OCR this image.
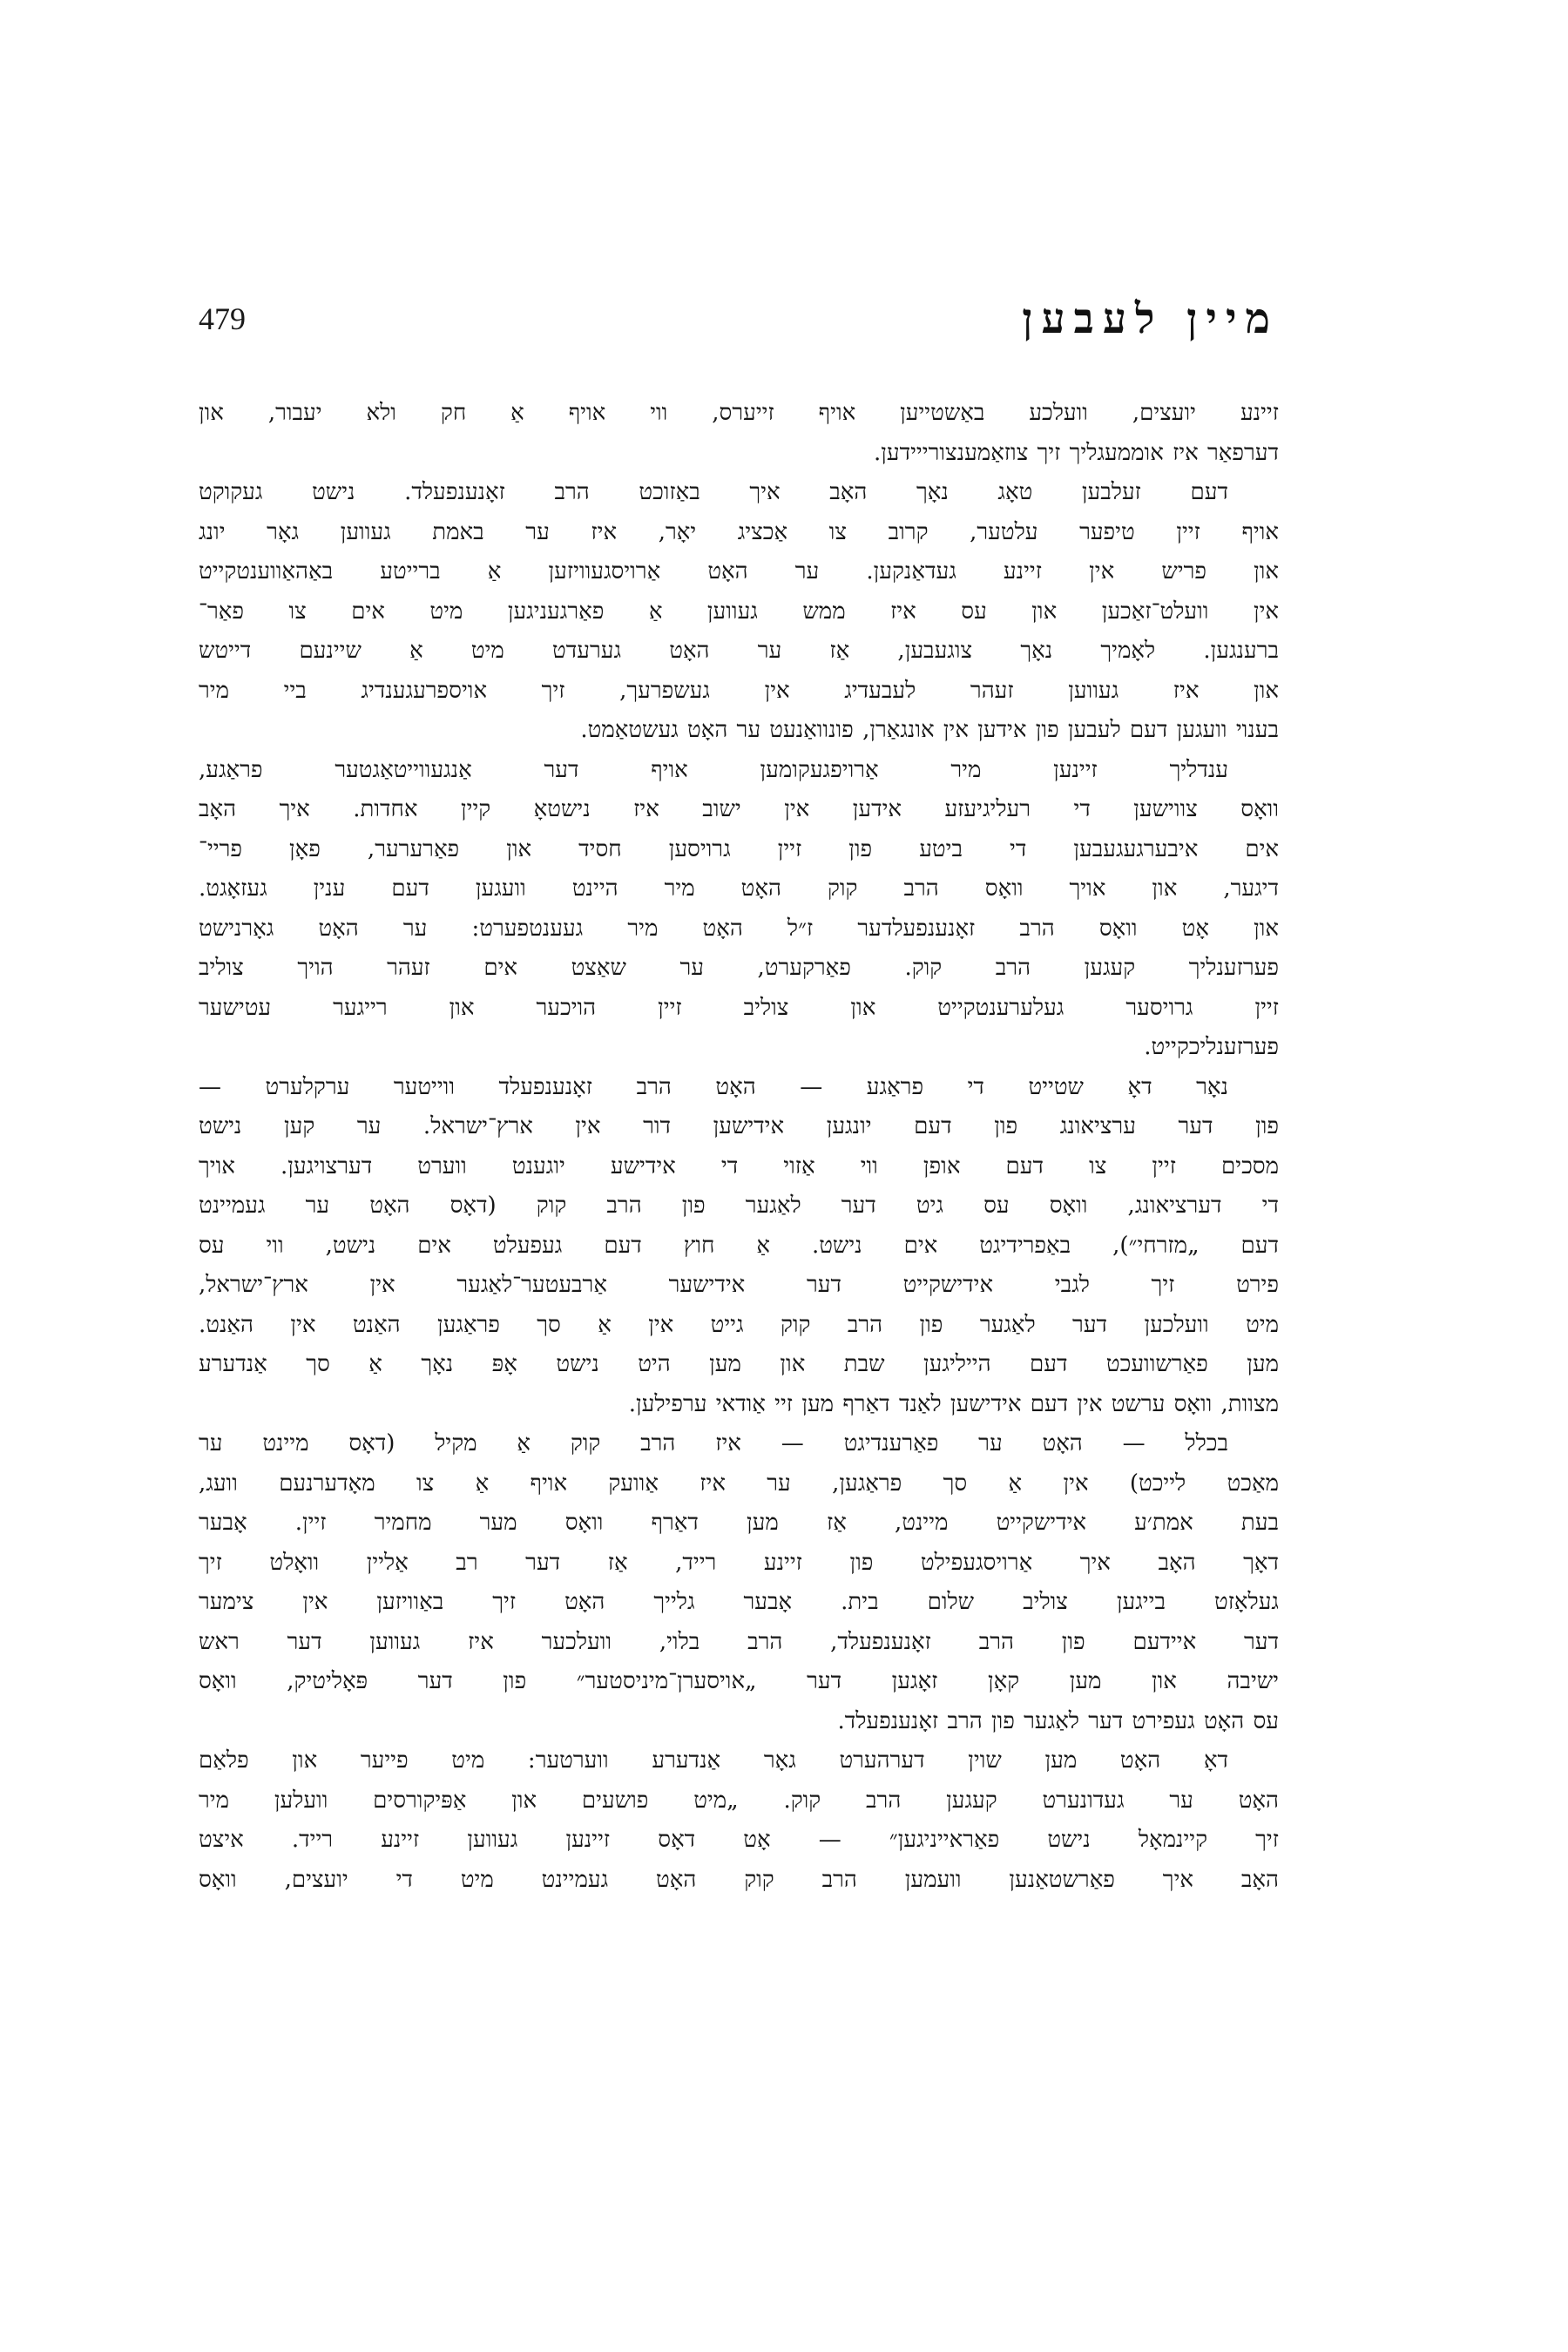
479	מיין לעבען
זיינע יועצים, וועלכע באַשטייען אויף זייערס, ווי אויף אַ חק ולא יעבור, און
דערפאַר איז אוממעגליך זיך צוזאַמענצורייידען.
דעם זעלבען טאָג נאָך האָב איך באַזוכט הרב זאָנענפעלד. נישט געקוקט
אויף זיין טיפער עלטער, קרוב צו אַכציג יאָר, איז ער באמת געווען גאָר יונג
און פריש אין זיינע געדאַנקען. ער האָט אַרויסגעוויזען אַ ברייטע באַהאַווענטקייט
אין וועלט־זאַכען און עס איז ממש געווען אַ פאַרגעניגען מיט אים צו פאַר־
ברענגען. לאָמיך נאָך צוגעבען, אַז ער האָט גערעדט מיט אַ שיינעם דייטש
און איז געווען זעהר לעבעדיג אין געשפרעך, זיך אויספרעגענדיג ביי מיר
בענוי וועגען דעם לעבען פון אידען אין אונגאַרן, פונוואַנעט ער האָט געשטאַמט.
ענדליך זיינען מיר אַרויפגעקומען אויף דער אַנגעווייטאַגטער פראַגע,
וואָס צווישען די רעליגיעזע אידען אין ישוב איז נישטאָ קיין אחדות. איך האָב
אים איבערגעגעבען די ביטע פון זיין גרויסען חסיד און פאַרערער, פאָן פריי־
דיגער, און אויך וואָס הרב קוק האָט מיר היינט וועגען דעם ענין געזאָגט.
און אָט וואָס הרב זאָנענפעלדער ז״ל האָט מיר געענטפערט: ער האָט גאָרנישט
פערזענליך קעגען הרב קוק. פאַרקערט, ער שאַצט אים זעהר הויך צוליב
זיין גרויסער געלערענטקייט און צוליב זיין הויכער און רייגער עטישער
פערזענליכקייט.
נאָר דאָ שטייט די פראַגע — האָט הרב זאָנענפעלד ווייטער ערקלערט —
פון דער ערציאונג פון דעם יונגען אידישען דור אין ארץ־ישראל. ער קען נישט
מסכים זיין צו דעם אופן ווי אַזוי די אידישע יוגענט ווערט דערצויגען. אויך
די דערציאונג, וואָס עס גיט דער לאַגער פון הרב קוק (דאָס האָט ער געמיינט
דעם „מזרחי״), באַפרידיגט אים נישט. אַ חוץ דעם געפעלט אים נישט, ווי עס
פירט זיך לגבי אידישקייט דער אידישער אַרבעטער־לאַגער אין ארץ־ישראל,
מיט וועלכען דער לאַגער פון הרב קוק גייט אין אַ סך פראַגען האַנט אין האַנט.
מען פאַרשוועכט דעם הייליגען שבת און מען היט נישט אָפּ נאָך אַ סך אַנדערע
מצוות, וואָס ערשט אין דעם אידישען לאַנד דאַרף מען זיי אַודאי ערפילען.
בכלל — האָט ער פאַרענדיגט — איז הרב קוק אַ מקיל (דאָס מיינט ער
מאַכט לייכט) אין אַ סך פראַגען, ער איז אַוועק אויף אַ צו מאָדערנעם וועג,
בעת אמת׳ע אידישקייט מיינט, אַז מען דאַרף וואָס מער מחמיר זיין. אָבער
דאָך האָב איך אַרויסגעפילט פון זיינע רייד, אַז דער רב אַליין וואָלט זיך
געלאָזט בייגען צוליב שלום בית. אָבער גלייך האָט זיך באַוויזען אין צימער
דער איידעם פון הרב זאָנענפעלד, הרב בלוי, וועלכער איז געווען דער ראש
ישיבה און מען קאָן זאָגען דער „אויסערן־מיניסטער״ פון דער פּאָליטיק, וואָס
עס האָט געפירט דער לאַגער פון הרב זאָנענפעלד.
דאָ האָט מען שוין דערהערט גאָר אַנדערע ווערטער: מיט פייער און פלאַם
האָט ער געדונערט קעגען הרב קוק. „מיט פושעים און אַפּיקורסים וועלען מיר
זיך קיינמאָל נישט פאַראייניגען״ — אָט דאָס זיינען געווען זיינע רייד. איצט
האָב איך פאַרשטאַנען וועמען הרב קוק האָט געמיינט מיט די יועצים, וואָס
